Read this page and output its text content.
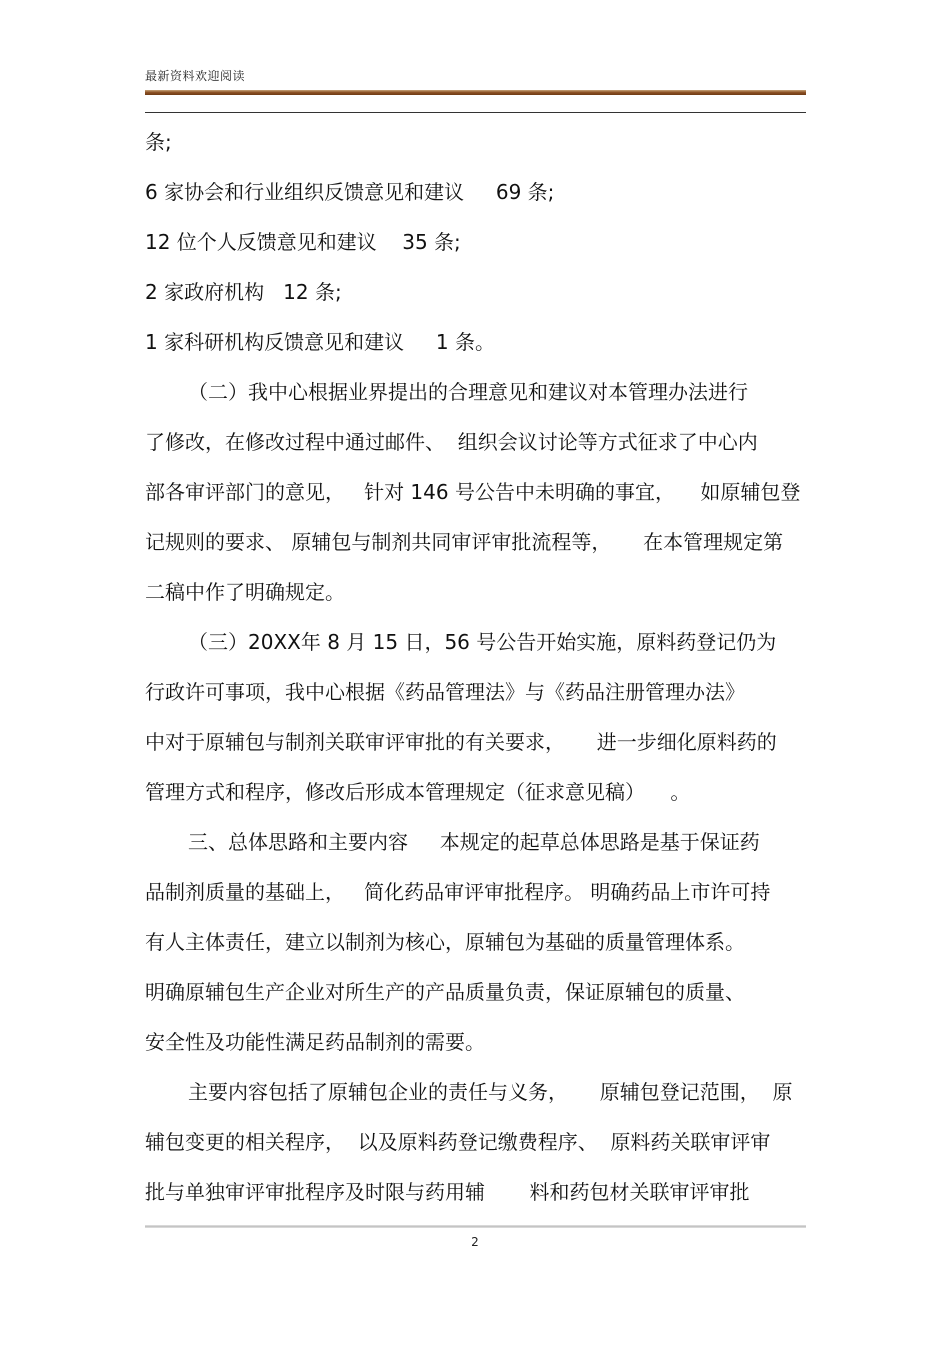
最新资料欢迎阅读
条;
6 家协会和行业组织反馈意见和建议     69 条;
12 位个人反馈意见和建议    35 条;
2 家政府机构   12 条;
1 家科研机构反馈意见和建议     1 条。
（二）我中心根据业界提出的合理意见和建议对本管理办法进行
了修改，在修改过程中通过邮件、  组织会议讨论等方式征求了中心内
部各审评部门的意见，   针对 146 号公告中未明确的事宜，    如原辅包登
记规则的要求、 原辅包与制剂共同审评审批流程等，     在本管理规定第
二稿中作了明确规定。
（三）20XX年 8 月 15 日，56 号公告开始实施，原料药登记仍为
行政许可事项，我中心根据《药品管理法》与《药品注册管理办法》
中对于原辅包与制剂关联审评审批的有关要求，     进一步细化原料药的
管理方式和程序，修改后形成本管理规定（征求意见稿）    。
三、总体思路和主要内容     本规定的起草总体思路是基于保证药
品制剂质量的基础上，   简化药品审评审批程序。 明确药品上市许可持
有人主体责任，建立以制剂为核心，原辅包为基础的质量管理体系。
明确原辅包生产企业对所生产的产品质量负责，保证原辅包的质量、
安全性及功能性满足药品制剂的需要。
主要内容包括了原辅包企业的责任与义务，     原辅包登记范围，  原
辅包变更的相关程序，  以及原料药登记缴费程序、  原料药关联审评审
批与单独审评审批程序及时限与药用辅       料和药包材关联审评审批
2
